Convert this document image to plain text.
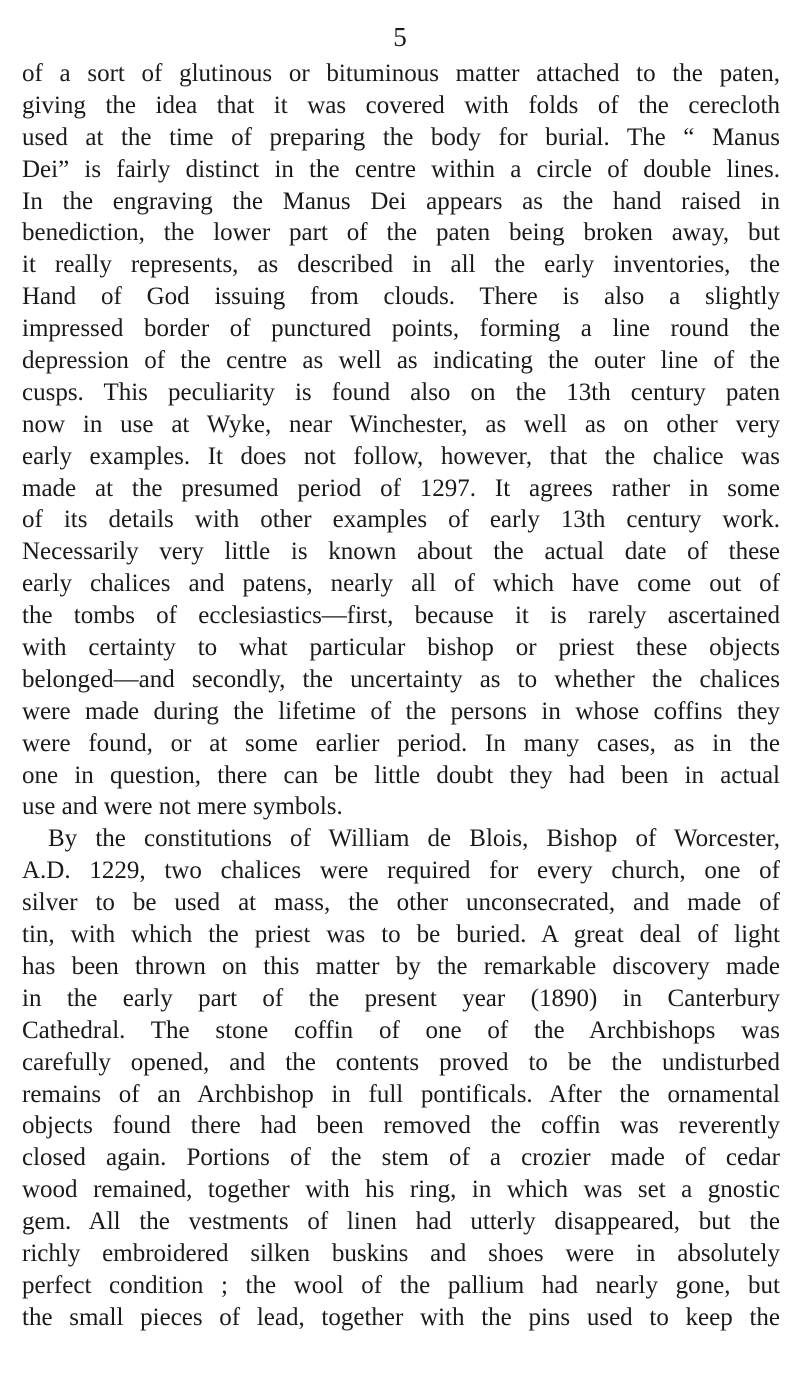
5
of a sort of glutinous or bituminous matter attached to the paten,
giving the idea that it was covered with folds of the cerecloth
used at the time of preparing the body for burial. The “ Manus
Dei” is fairly distinct in the centre within a circle of double lines.
In the engraving the Manus Dei appears as the hand raised in
benediction, the lower part of the paten being broken away, but
it really represents, as described in all the early inventories, the
Hand of God issuing from clouds. There is also a slightly
impressed border of punctured points, forming a line round the
depression of the centre as well as indicating the outer line of the
cusps. This peculiarity is found also on the 13th century paten
now in use at Wyke, near Winchester, as well as on other very
early examples. It does not follow, however, that the chalice was
made at the presumed period of 1297. It agrees rather in some
of its details with other examples of early 13th century work.
Necessarily very little is known about the actual date of these
early chalices and patens, nearly all of which have come out of
the tombs of ecclesiastics—first, because it is rarely ascertained
with certainty to what particular bishop or priest these objects
belonged—and secondly, the uncertainty as to whether the chalices
were made during the lifetime of the persons in whose coffins they
were found, or at some earlier period. In many cases, as in the
one in question, there can be little doubt they had been in actual
use and were not mere symbols.
By the constitutions of William de Blois, Bishop of Worcester,
A.D. 1229, two chalices were required for every church, one of
silver to be used at mass, the other unconsecrated, and made of
tin, with which the priest was to be buried. A great deal of light
has been thrown on this matter by the remarkable discovery made
in the early part of the present year (1890) in Canterbury
Cathedral. The stone coffin of one of the Archbishops was
carefully opened, and the contents proved to be the undisturbed
remains of an Archbishop in full pontificals. After the ornamental
objects found there had been removed the coffin was reverently
closed again. Portions of the stem of a crozier made of cedar
wood remained, together with his ring, in which was set a gnostic
gem. All the vestments of linen had utterly disappeared, but the
richly embroidered silken buskins and shoes were in absolutely
perfect condition ; the wool of the pallium had nearly gone, but
the small pieces of lead, together with the pins used to keep the
